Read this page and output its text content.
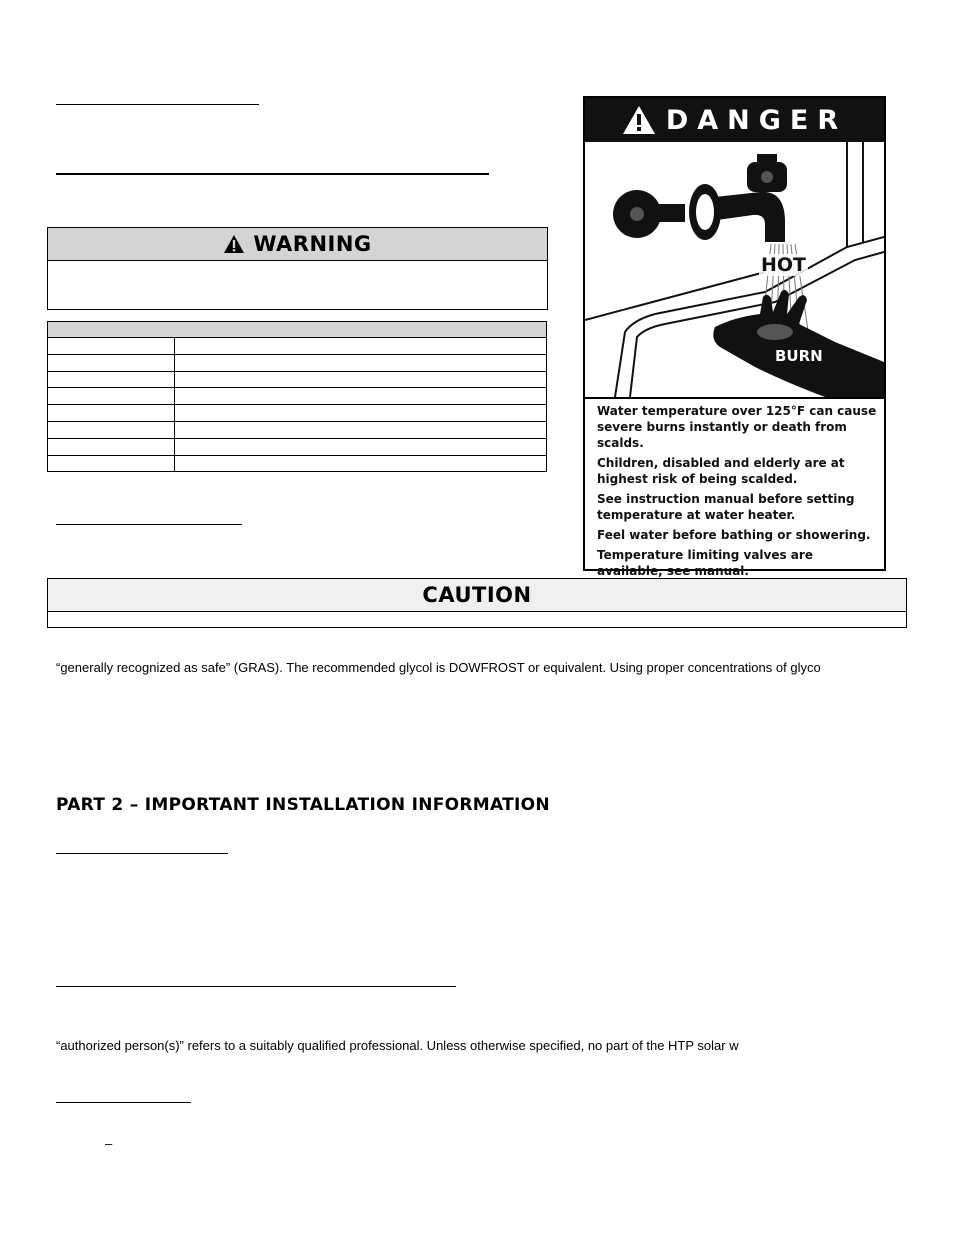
WARNING

DANGER
HOT
BURN

Water temperature over 125°F can cause severe burns instantly or death from scalds.

Children, disabled and elderly are at highest risk of being scalded.

See instruction manual before setting temperature at water heater.

Feel water before bathing or showering.

Temperature limiting valves are available, see manual.

CAUTION
“generally recognized as safe” (GRAS). The recommended glycol is DOWFROST or equivalent. Using proper concentrations of glyco
PART 2 – IMPORTANT INSTALLATION INFORMATION
“authorized person(s)” refers to a suitably qualified professional. Unless otherwise specified, no part of the HTP solar w
–
